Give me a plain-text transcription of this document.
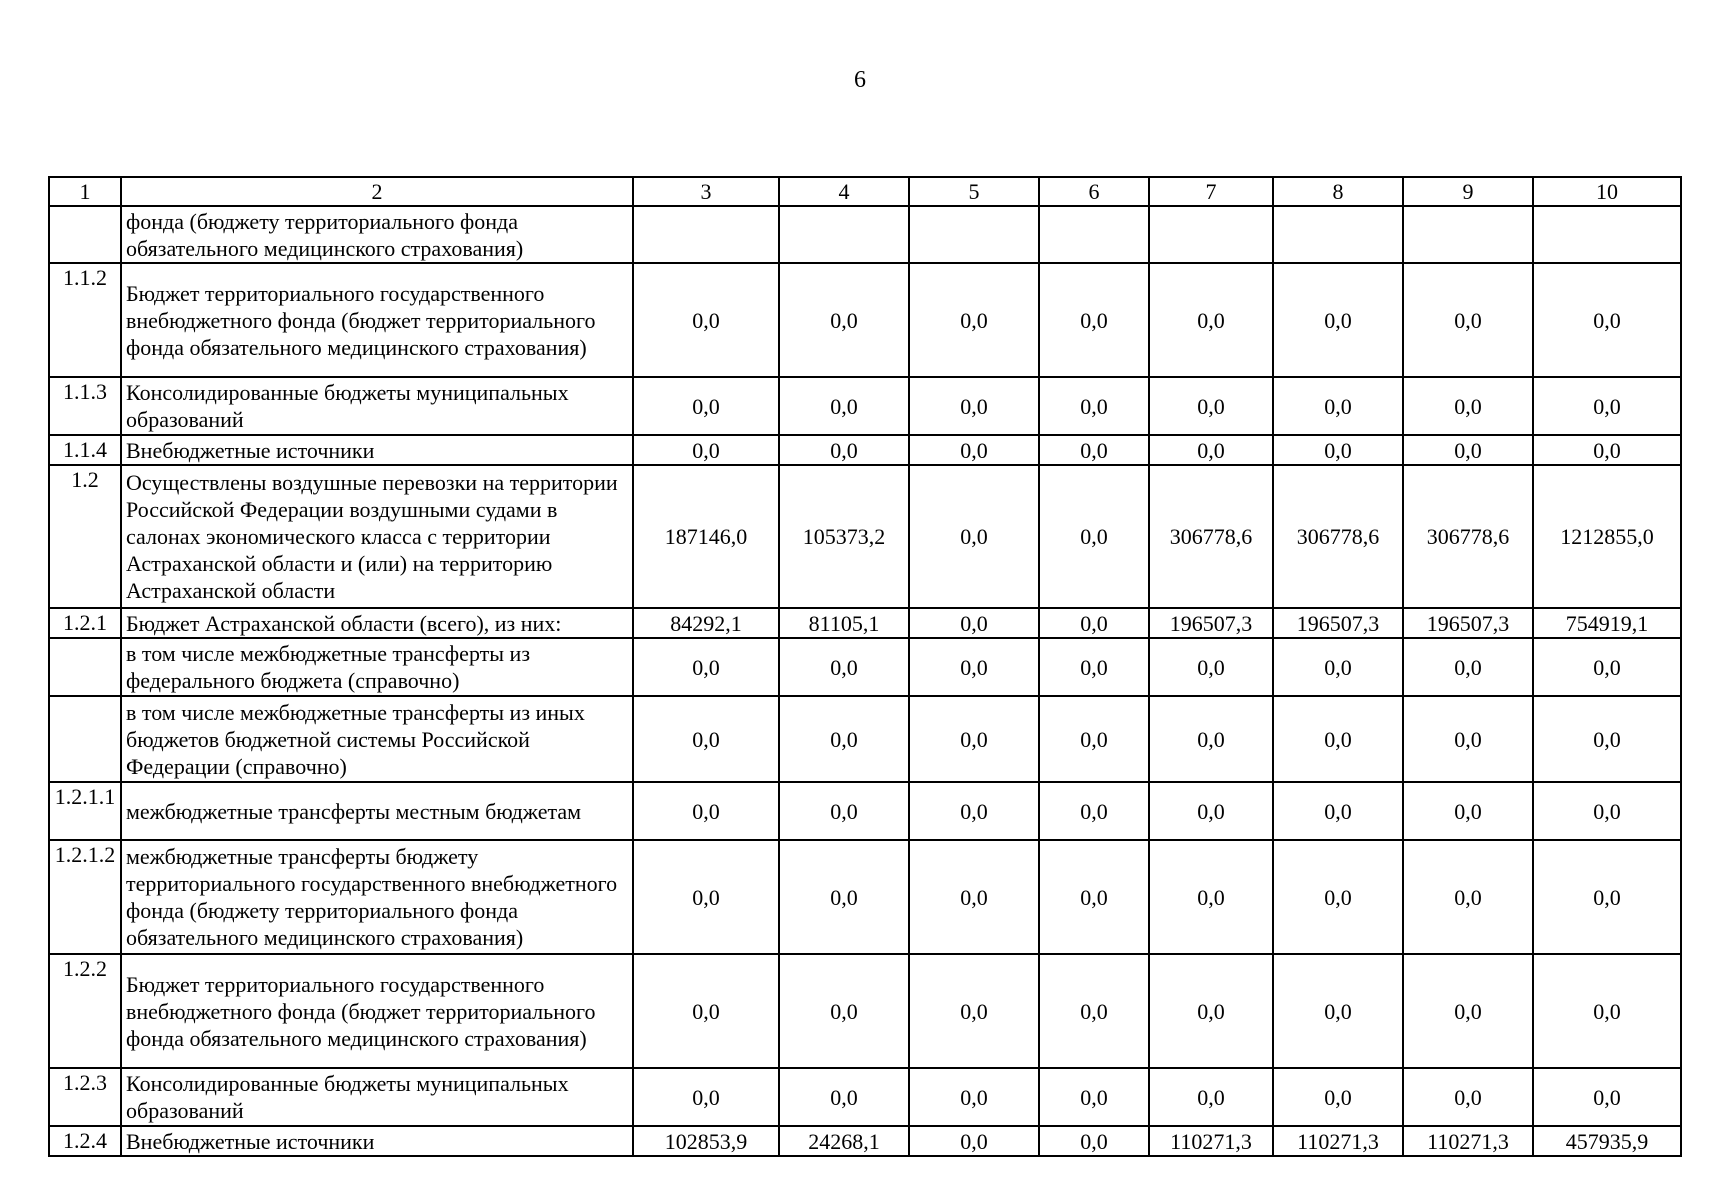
6
1	2	3	4	5	6	7	8	9	10
	фонда (бюджету территориального фонда обязательного медицинского страхования)								
1.1.2	Бюджет территориального государственного внебюджетного фонда (бюджет территориального фонда обязательного медицинского страхования)	0,0	0,0	0,0	0,0	0,0	0,0	0,0	0,0
1.1.3	Консолидированные бюджеты муниципальных образований	0,0	0,0	0,0	0,0	0,0	0,0	0,0	0,0
1.1.4	Внебюджетные источники	0,0	0,0	0,0	0,0	0,0	0,0	0,0	0,0
1.2	Осуществлены воздушные перевозки на территории Российской Федерации воздушными судами в салонах экономического класса с территории Астраханской области и (или) на территорию Астраханской области	187146,0	105373,2	0,0	0,0	306778,6	306778,6	306778,6	1212855,0
1.2.1	Бюджет Астраханской области (всего), из них:	84292,1	81105,1	0,0	0,0	196507,3	196507,3	196507,3	754919,1
	в том числе межбюджетные трансферты из федерального бюджета (справочно)	0,0	0,0	0,0	0,0	0,0	0,0	0,0	0,0
	в том числе межбюджетные трансферты из иных бюджетов бюджетной системы Российской Федерации (справочно)	0,0	0,0	0,0	0,0	0,0	0,0	0,0	0,0
1.2.1.1	межбюджетные трансферты местным бюджетам	0,0	0,0	0,0	0,0	0,0	0,0	0,0	0,0
1.2.1.2	межбюджетные трансферты бюджету территориального государственного внебюджетного фонда (бюджету территориального фонда обязательного медицинского страхования)	0,0	0,0	0,0	0,0	0,0	0,0	0,0	0,0
1.2.2	Бюджет территориального государственного внебюджетного фонда (бюджет территориального фонда обязательного медицинского страхования)	0,0	0,0	0,0	0,0	0,0	0,0	0,0	0,0
1.2.3	Консолидированные бюджеты муниципальных образований	0,0	0,0	0,0	0,0	0,0	0,0	0,0	0,0
1.2.4	Внебюджетные источники	102853,9	24268,1	0,0	0,0	110271,3	110271,3	110271,3	457935,9
